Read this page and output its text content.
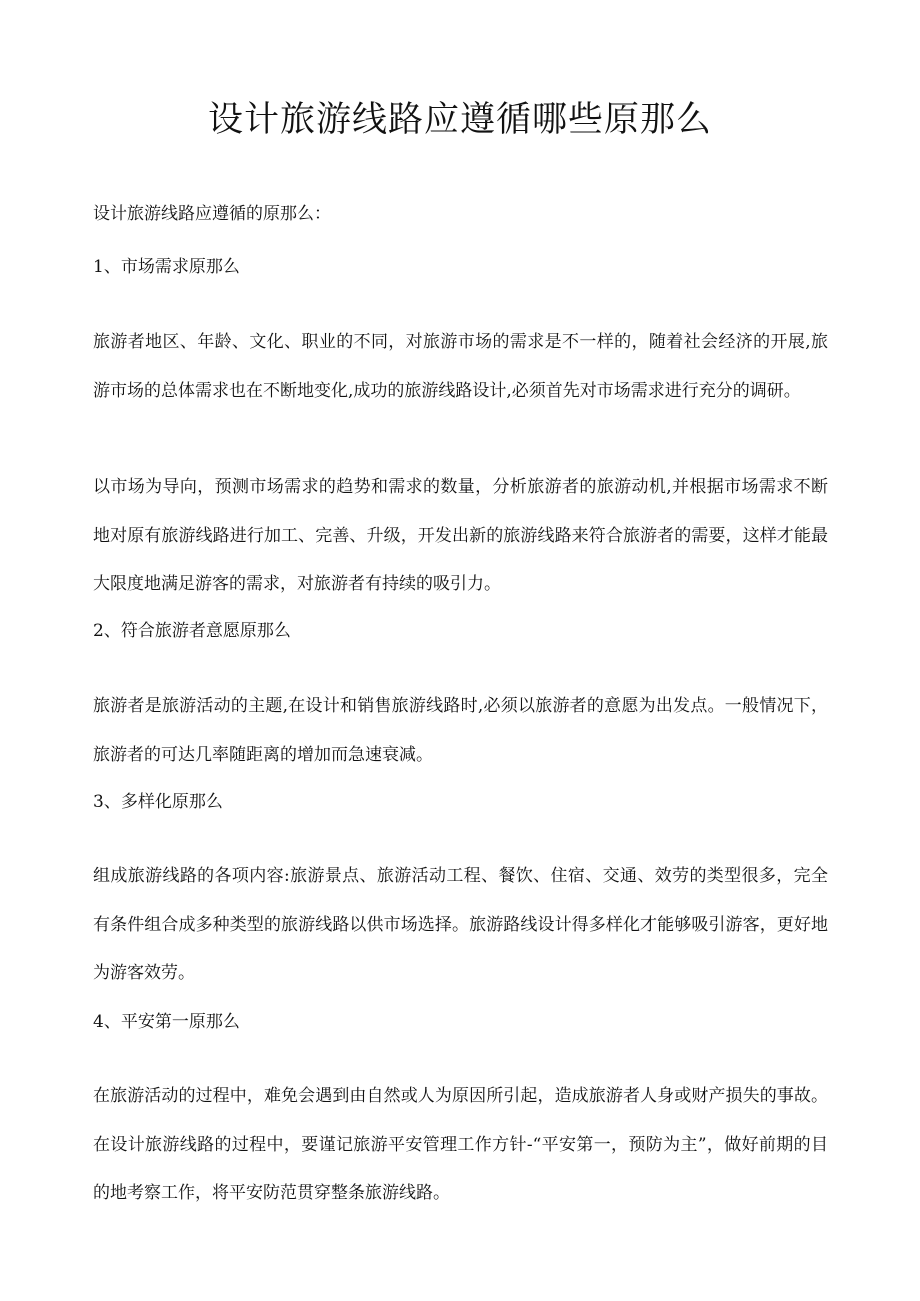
设计旅游线路应遵循哪些原那么

设计旅游线路应遵循的原那么：

1、市场需求原那么

旅游者地区、年龄、文化、职业的不同，对旅游市场的需求是不一样的，随着社会经济的开展,旅游市场的总体需求也在不断地变化,成功的旅游线路设计,必须首先对市场需求进行充分的调研。

以市场为导向，预测市场需求的趋势和需求的数量，分析旅游者的旅游动机,并根据市场需求不断地对原有旅游线路进行加工、完善、升级，开发出新的旅游线路来符合旅游者的需要，这样才能最大限度地满足游客的需求，对旅游者有持续的吸引力。

2、符合旅游者意愿原那么

旅游者是旅游活动的主题,在设计和销售旅游线路时,必须以旅游者的意愿为出发点。一般情况下，旅游者的可达几率随距离的增加而急速衰减。

3、多样化原那么

组成旅游线路的各项内容:旅游景点、旅游活动工程、餐饮、住宿、交通、效劳的类型很多，完全有条件组合成多种类型的旅游线路以供市场选择。旅游路线设计得多样化才能够吸引游客，更好地为游客效劳。

4、平安第一原那么

在旅游活动的过程中，难免会遇到由自然或人为原因所引起，造成旅游者人身或财产损失的事故。在设计旅游线路的过程中，要谨记旅游平安管理工作方针-“平安第一，预防为主”，做好前期的目的地考察工作，将平安防范贯穿整条旅游线路。
